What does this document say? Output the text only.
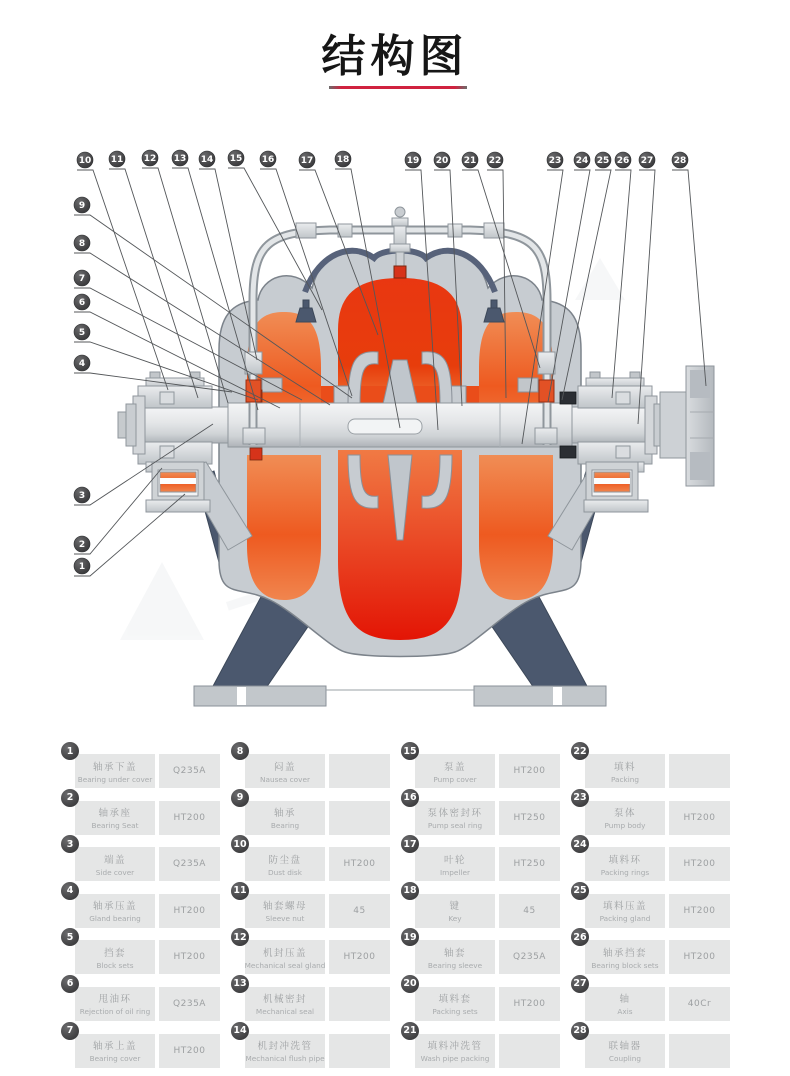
结构图
1
2
3
4
5
6
7
8
9
10 11 12 13 14 15 16	17	18	19 20 21 22	23 24 25 26 27 28
1
轴承下盖
Bearing under cover
Q235A
2
轴承座
Bearing Seat
HT200
3
端盖
Side cover
Q235A
4
轴承压盖
Gland bearing
HT200
5
挡套
Block sets
HT200
6
甩油环
Rejection of oil ring
Q235A
7
轴承上盖
Bearing cover
HT200
8
闷盖
Nausea cover
9
轴承
Bearing
10
防尘盘
Dust disk
HT200
11
轴套螺母
Sleeve nut
45
12
机封压盖
Mechanical seal gland
HT200
13
机械密封
Mechanical seal
14
机封冲洗管
Mechanical flush pipe
15
泵盖
Pump cover
HT200
16
泵体密封环
Pump seal ring
HT250
17
叶轮
Impeller
HT250
18
键
Key
45
19
轴套
Bearing sleeve
Q235A
20
填料套
Packing sets
HT200
21
填料冲洗管
Wash pipe packing
22
填料
Packing
23
泵体
Pump body
HT200
24
填料环
Packing rings
HT200
25
填料压盖
Packing gland
HT200
26
轴承挡套
Bearing block sets
HT200
27
轴
Axis
40Cr
28
联轴器
Coupling
